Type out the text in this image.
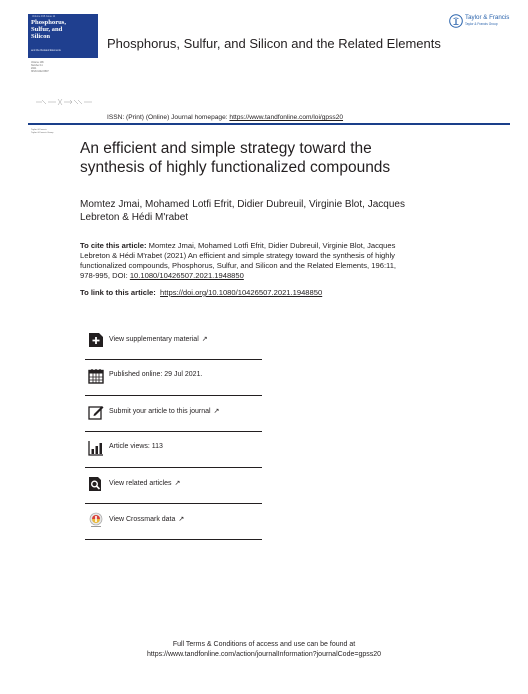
Volume 196 Issue 11
Phosphorus,
Sulfur, and
Silicon
and the Related Elements
Volume 196
Number 11
2021
ISSN 1042-6507
Taylor & Francis
Taylor & Francis Group
Phosphorus, Sulfur, and Silicon and the Related Elements
Taylor & Francis
Taylor & Francis Group
ISSN: (Print) (Online) Journal homepage: https://www.tandfonline.com/loi/gpss20
An efficient and simple strategy toward the
synthesis of highly functionalized compounds
Momtez Jmai, Mohamed Lotfi Efrit, Didier Dubreuil, Virginie Blot, Jacques
Lebreton & Hédi M'rabet
To cite this article: Momtez Jmai, Mohamed Lotfi Efrit, Didier Dubreuil, Virginie Blot, Jacques
Lebreton & Hédi M'rabet (2021) An efficient and simple strategy toward the synthesis of highly
functionalized compounds, Phosphorus, Sulfur, and Silicon and the Related Elements, 196:11,
978-995, DOI: 10.1080/10426507.2021.1948850
To link to this article: https://doi.org/10.1080/10426507.2021.1948850
View supplementary material ↗
Published online: 29 Jul 2021.
Submit your article to this journal ↗
Article views: 113
View related articles ↗
View Crossmark data ↗
Full Terms & Conditions of access and use can be found at
https://www.tandfonline.com/action/journalInformation?journalCode=gpss20
